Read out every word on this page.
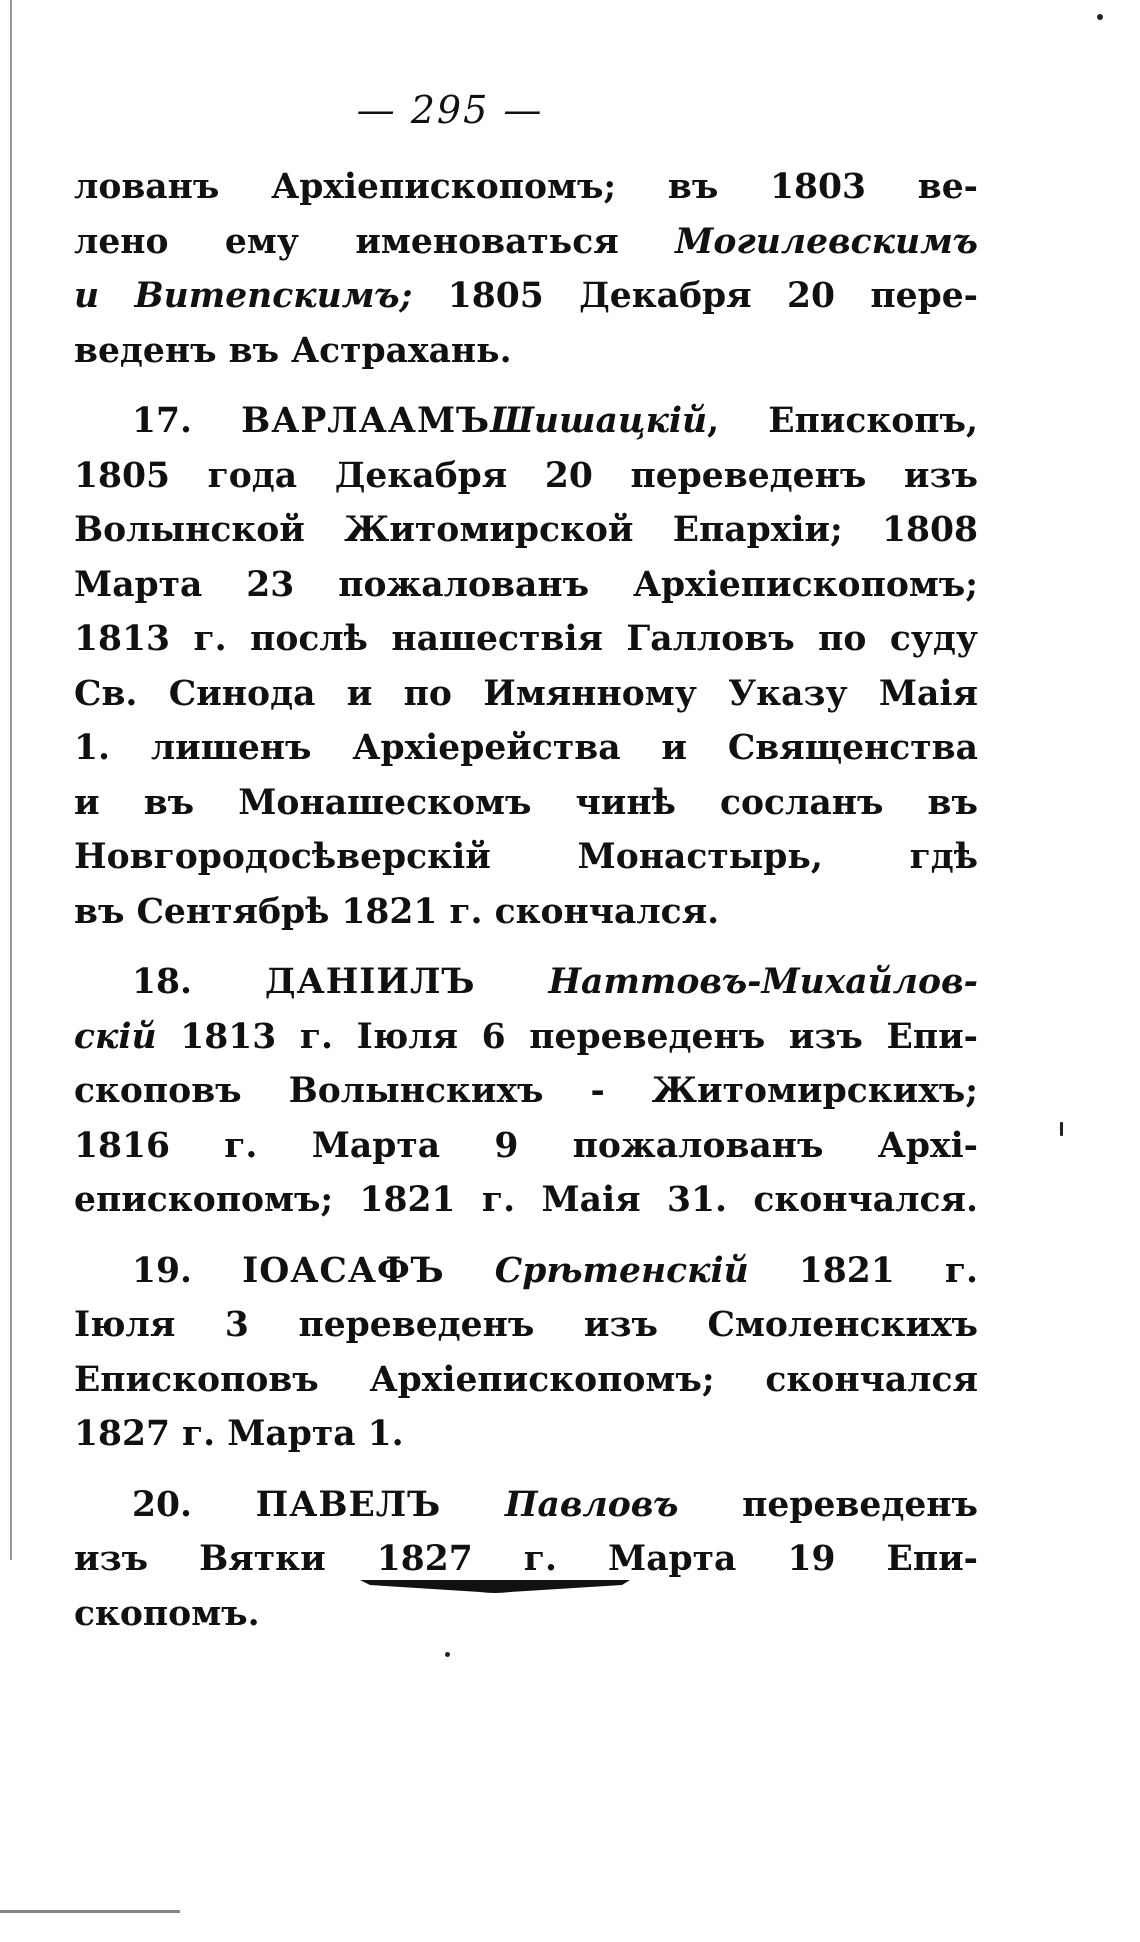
— 295 —

лованъ Архіепископомъ; въ 1803 ве-
лено ему именоваться Могилевскимъ
и Витепскимъ; 1805 Декабря 20 пере-
веденъ въ Астрахань.

17. ВАРЛААМЪШишацкій, Епископъ,
1805 года Декабря 20 переведенъ изъ
Волынской Житомирской Епархіи; 1808
Марта 23 пожалованъ Архіепископомъ;
1813 г. послѣ нашествія Галловъ по суду
Св. Синода и по Имянному Указу Маія
1. лишенъ Архіерейства и Священства
и въ Монашескомъ чинѣ сосланъ въ
Новгородосѣверскій Монастырь, гдѣ
въ Сентябрѣ 1821 г. скончался.

18. ДАНІИЛЪ Наттовъ-Михайлов-
скій 1813 г. Іюля 6 переведенъ изъ Епи-
скоповъ Волынскихъ - Житомирскихъ;
1816 г. Марта 9 пожалованъ Архі-
епископомъ; 1821 г. Маія 31. скончался.

19. ІОАСАФЪ Срѣтенскій 1821 г.
Іюля 3 переведенъ изъ Смоленскихъ
Епископовъ Архіепископомъ; скончался
1827 г. Марта 1.

20. ПАВЕЛЪ Павловъ переведенъ
изъ Вятки 1827 г. Марта 19 Епи-
скопомъ.
